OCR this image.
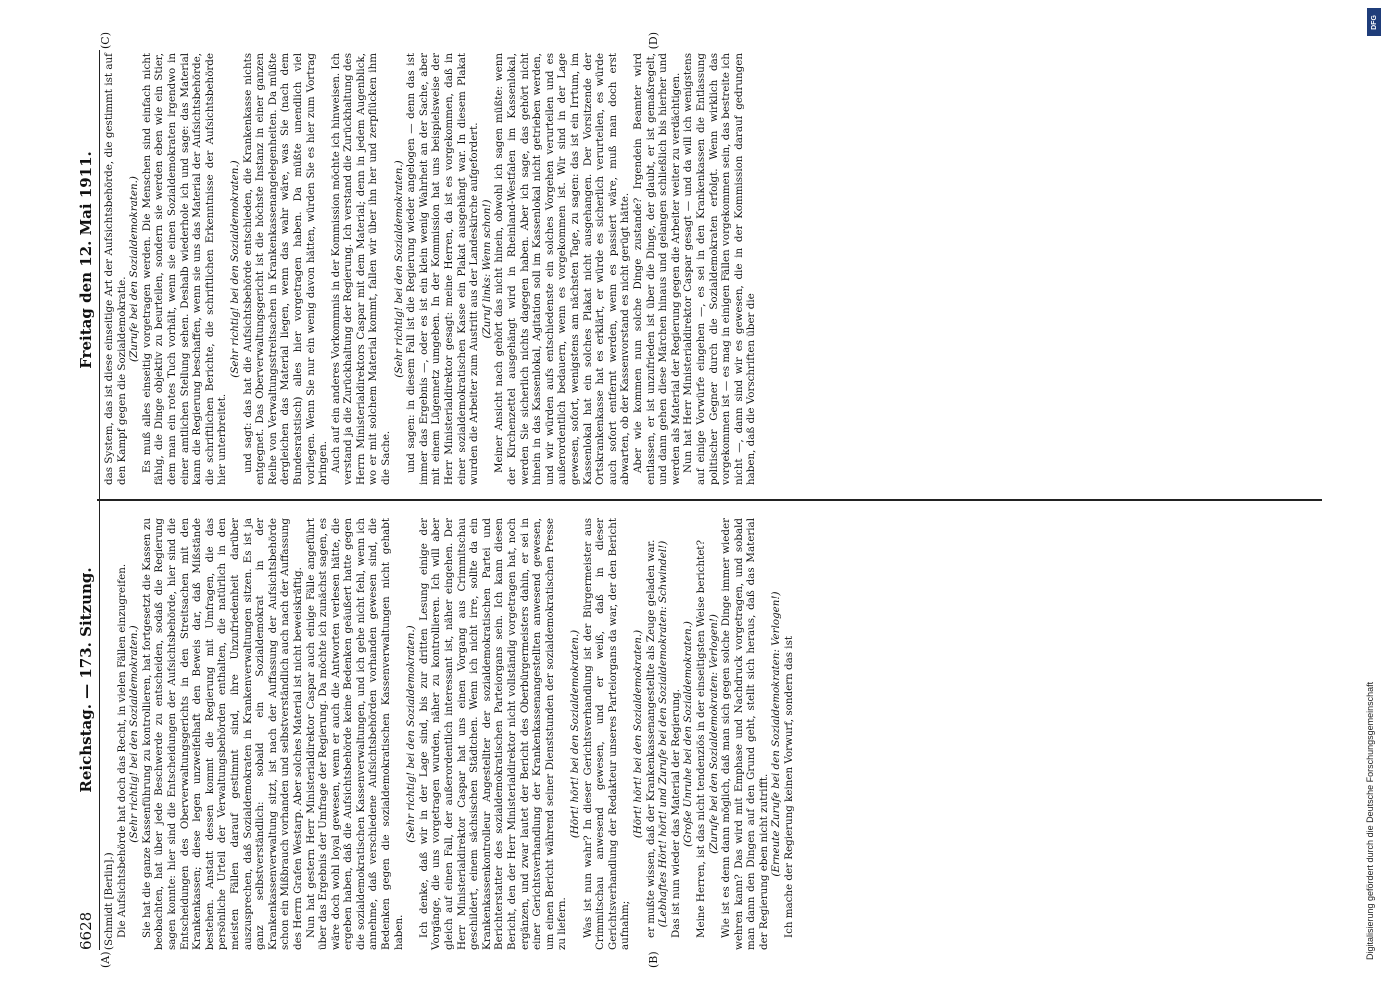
6628
Reichstag. — 173. Sitzung.
Freitag den 12. Mai 1911.
(A)	(B)
(C)	(D)

(Schmidt [Berlin].) Die Aufsichtsbehörde hat doch das Recht, in vielen Fällen einzugreifen. (Sehr richtig! bei den Sozialdemokraten.) Sie hat die ganze Kassenführung zu kontrollieren, hat fortgesetzt die Kassen zu beobachten, hat über jede Beschwerde zu entscheiden, sodaß die Regierung sagen konnte: hier sind die Entscheidungen der Aufsichtsbehörde, hier sind die Entscheidungen des Oberverwaltungsgerichts in den Streitsachen mit den Krankenkassen; diese legen unzweifelhaft den Beweis dar, daß Mißstände bestehen. Anstatt dessen kommt die Regierung mit Umfragen, die das persönliche Urteil der Verwaltungsbehörden enthalten, die natürlich in den meisten Fällen darauf gestimmt sind, ihre Unzufriedenheit darüber auszusprechen, daß Sozialdemokraten in Krankenverwaltungen sitzen. Es ist ja ganz selbstverständlich: sobald ein Sozialdemokrat in der Krankenkassenverwaltung sitzt, ist nach der Auffassung der Aufsichtsbehörde schon ein Mißbrauch vorhanden und selbstverständlich auch nach der Auffassung des Herrn Grafen Westarp. Aber solches Material ist nicht beweiskräftig. Nun hat gestern Herr Ministerialdirektor Caspar auch einige Fälle angeführt über das Ergebnis der Umfrage der Regierung. Da möchte ich zunächst sagen, es wäre doch wohl loyal gewesen, wenn er auch die Antworten verlesen hätte, die ergeben haben, daß die Aufsichtsbehörde keine Bedenken geäußert hatte gegen die sozialdemokratischen Kassenverwaltungen, und ich gehe nicht fehl, wenn ich annehme, daß verschiedene Aufsichtsbehörden vorhanden gewesen sind, die Bedenken gegen die sozialdemokratischen Kassenverwaltungen nicht gehabt haben.

(Sehr richtig! bei den Sozialdemokraten.) Ich denke, daß wir in der Lage sind, bis zur dritten Lesung einige der Vorgänge, die uns vorgetragen wurden, näher zu kontrollieren. Ich will aber gleich auf einen Fall, der außerordentlich interessant ist, näher eingehen. Der Herr Ministerialdirektor Caspar hat uns einen Vorgang aus Crimmitschau geschildert, einem sächsischen Städtchen. Wenn ich nicht irre, sollte da ein Krankenkassenkontrolleur Angestellter der sozialdemokratischen Partei und Berichterstatter des sozialdemokratischen Parteiorgans sein. Ich kann diesen Bericht, den der Herr Ministerialdirektor nicht vollständig vorgetragen hat, noch ergänzen, und zwar lautet der Bericht des Oberbürgermeisters dahin, er sei in einer Gerichtsverhandlung der Krankenkassenangestellten anwesend gewesen, um einen Bericht während seiner Dienststunden der sozialdemokratischen Presse zu liefern.

(Hört! hört! bei den Sozialdemokraten.) Was ist nun wahr? In dieser Gerichtsverhandlung ist der Bürgermeister aus Crimmitschau anwesend gewesen, und er weiß, daß in dieser Gerichtsverhandlung der Redakteur unseres Parteiorgans da war, der den Bericht aufnahm;

(Hört! hört! bei den Sozialdemokraten.) er mußte wissen, daß der Krankenkassenangestellte als Zeuge geladen war. (Lebhaftes Hört! hört! und Zurufe bei den Sozialdemokraten: Schwindel!) Das ist nun wieder das Material der Regierung. (Große Unruhe bei den Sozialdemokraten.) Meine Herren, ist das nicht tendenziös in der einseitigsten Weise berichtet? (Zurufe bei den Sozialdemokraten: Verlogen!) Wie ist es denn dann möglich, daß man sich gegen solche Dinge immer wieder wehren kann? Das wird mit Emphase und Nachdruck vorgetragen, und sobald man dann den Dingen auf den Grund geht, stellt sich heraus, daß das Material der Regierung eben nicht zutrifft. (Erneute Zurufe bei den Sozialdemokraten: Verlogen!) Ich mache der Regierung keinen Vorwurf, sondern das ist

das System, das ist diese einseitige Art der Aufsichtsbehörde, die gestimmt ist auf den Kampf gegen die Sozialdemokratie.

(Zurufe bei den Sozialdemokraten.) Es muß alles einseitig vorgetragen werden. Die Menschen sind einfach nicht fähig, die Dinge objektiv zu beurteilen, sondern sie werden eben wie ein Stier, dem man ein rotes Tuch vorhält, wenn sie einen Sozialdemokraten irgendwo in einer amtlichen Stellung sehen. Deshalb wiederhole ich und sage: das Material kann die Regierung beschaffen, wenn sie uns das Material der Aufsichtsbehörde, die schriftlichen Berichte, die schriftlichen Erkenntnisse der Aufsichtsbehörde hier unterbreitet.

(Sehr richtig! bei den Sozialdemokraten.) und sagt: das hat die Aufsichtsbehörde entschieden, die Krankenkasse nichts entgegnet. Das Oberverwaltungsgericht ist die höchste Instanz in einer ganzen Reihe von Verwaltungsstreitsachen in Krankenkassenangelegenheiten. Da müßte dergleichen das Material liegen, wenn das wahr wäre, was Sie (nach dem Bundesratstisch) alles hier vorgetragen haben. Da müßte unendlich viel vorliegen. Wenn Sie nur ein wenig davon hätten, würden Sie es hier zum Vortrag bringen. Auch auf ein anderes Vorkommnis in der Kommission möchte ich hinweisen. Ich verstand ja die Zurückhaltung der Regierung. Ich verstand die Zurückhaltung des Herrn Ministerialdirektors Caspar mit dem Material; denn in jedem Augenblick, wo er mit solchem Material kommt, fallen wir über ihn her und zerpflücken ihm die Sache.

(Sehr richtig! bei den Sozialdemokraten.) und sagen: in diesem Fall ist die Regierung wieder angelogen — denn das ist immer das Ergebnis —, oder es ist ein klein wenig Wahrheit an der Sache, aber mit einem Lügennetz umgeben. In der Kommission hat uns beispielsweise der Herr Ministerialdirektor gesagt: meine Herren, da ist es vorgekommen, daß in einer sozialdemokratischen Kasse ein Plakat ausgehängt war. In diesem Plakat wurden die Arbeiter zum Austritt aus der Landeskirche aufgefordert. (Zuruf links: Wenn schon!) Meiner Ansicht nach gehört das nicht hinein, obwohl ich sagen müßte: wenn der Kirchenzettel ausgehängt wird in Rheinland-Westfalen im Kassenlokal, werden Sie sicherlich nichts dagegen haben. Aber ich sage, das gehört nicht hinein in das Kassenlokal, Agitation soll im Kassenlokal nicht getrieben werden, und wir würden aufs entschiedenste ein solches Vorgehen verurteilen und es außerordentlich bedauern, wenn es vorgekommen ist. Wir sind in der Lage gewesen, sofort, wenigstens am nächsten Tage, zu sagen: das ist ein Irrtum, im Kassenlokal hat ein solches Plakat nicht ausgehangen. Der Vorsitzende der Ortskrankenkasse hat es erklärt, er würde es sicherlich verurteilen, es würde auch sofort entfernt werden, wenn es passiert wäre, muß man doch erst abwarten, ob der Kassenvorstand es nicht gerügt hätte. Aber wie kommen nun solche Dinge zustande? Irgendein Beamter wird entlassen, er ist unzufrieden ist über die Dinge, der glaubt, er ist gemaßregelt, und dann gehen diese Märchen hinaus und gelangen schließlich bis hierher und werden als Material der Regierung gegen die Arbeiter weiter zu verdächtigen. Nun hat Herr Ministerialdirektor Caspar gesagt — und da will ich wenigstens auf einige Vorwürfe eingehen —, es sei in den Krankenkassen die Entlassung politischer Gegner durch die Sozialdemokraten erfolgt. Wenn wirklich das vorgekommen ist — es mag in einigen Fällen vorgekommen sein, das bestreite ich nicht —, dann sind wir es gewesen, die in der Kommission darauf gedrungen haben, daß die Vorschriften über die

DFG
Digitalisierung gefördert durch die Deutsche Forschungsgemeinschaft
